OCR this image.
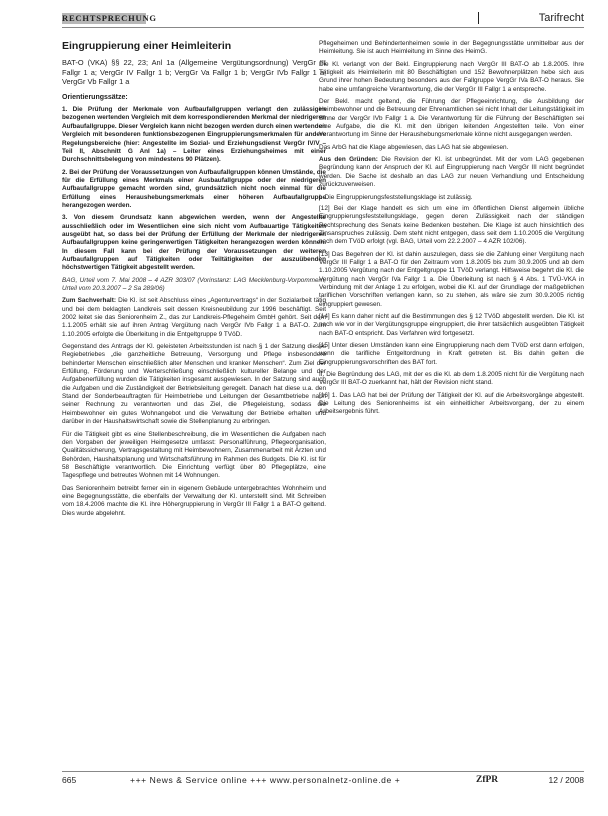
RECHTSPRECHUNG	Tarifrecht
Eingruppierung einer Heimleiterin

BAT-O (VKA) §§ 22, 23; Anl 1a (Allgemeine Vergütungsordnung) VergGr III Fallgr 1 a; VergGr IV Fallgr 1 b; VergGr Va Fallgr 1 b; VergGr IVb Fallgr 1 a; VergGr Vb Fallgr 1 a

Orientierungssätze:

1. Die Prüfung der Merkmale von Aufbaufallgruppen verlangt den zulässigen bezogenen wertenden Vergleich mit dem korrespondierenden Merkmal der niedrigeren Aufbaufallgruppe. Dieser Vergleich kann nicht bezogen werden durch einen wertenden Vergleich mit besonderen funktionsbezogenen Eingruppierungsmerkmalen für andere Regelungsbereiche (hier: Angestellte im Sozial- und Erziehungsdienst VergGr IV/V – Teil II, Abschnitt G Anl 1a) – Leiter eines Erziehungsheimes mit einer Durchschnittsbelegung von mindestens 90 Plätzen).

2. Bei der Prüfung der Voraussetzungen von Aufbaufallgruppen können Umstände, die für die Erfüllung eines Merkmals einer Ausbaufallgruppe oder der niedrigeren Aufbaufallgruppe gemacht worden sind, grundsätzlich nicht noch einmal für die Erfüllung eines Heraushebungsmerkmals einer höheren Aufbaufallgruppe herangezogen werden.

3. Von diesem Grundsatz kann abgewichen werden, wenn der Angestellte ausschließlich oder im Wesentlichen eine sich nicht vom Aufbauartige Tätigkeiten ausgeübt hat, so dass bei der Prüfung der Erfüllung der Merkmale der niedrigeren Aufbaufallgruppen keine geringerwertigen Tätigkeiten herangezogen werden können. In diesem Fall kann bei der Prüfung der Voraussetzungen der weiteren Aufbaufallgruppen auf Tätigkeiten oder Teiltätigkeiten der auszuübenden höchstwertigen Tätigkeit abgestellt werden.

BAG, Urteil vom 7. Mai 2008 – 4 AZR 303/07 (Vorinstanz: LAG Mecklenburg-Vorpommern, Urteil vom 20.3.2007 – 2 Sa 289/06)

Zum Sachverhalt: Die Kl. ist seit Abschluss eines „Agenturvertrags“ in der Sozialarbeit tätig und bei dem beklagten Landkreis seit dessen Kreisneubildung zur 1996 beschäftigt. Seit 2002 leitet sie das Seniorenheim Z., das zur Landkreis-Pflegeheim GmbH gehört. Seit dem 1.1.2005 erhält sie auf ihren Antrag Vergütung nach VergGr IVb Fallgr 1 a BAT-O. Zum 1.10.2005 erfolgte die Überleitung in die Entgeltgruppe 9 TVöD.

Gegenstand des Antrags der Kl. geleisteten Arbeitsstunden ist nach § 1 der Satzung dieses Regiebetriebes „die ganzheitliche Betreuung, Versorgung und Pflege insbesondere behinderter Menschen einschließlich alter Menschen und kranker Menschen“. Zum Ziel der Erfüllung, Förderung und Werterschließung einschließlich kultureller Belange und der Aufgabenerfüllung wurden die Tätigkeiten insgesamt ausgewiesen. In der Satzung sind auch die Aufgaben und die Zuständigkeit der Betriebsleitung geregelt. Danach hat diese u.a. den Stand der Sonderbeauftragten für Heimbetriebe und Leitungen der Gesamtbetriebe nach seiner Rechnung zu verantworten und das Ziel, die Pflegeleistung, sodass die Heimbewohner ein gutes Wohnangebot und die Verwaltung der Betriebe erhalten und darüber in der Haushaltswirtschaft sowie die Stellenplanung zu erbringen.

Für die Tätigkeit gibt es eine Stellenbeschreibung, die im Wesentlichen die Aufgaben nach den Vorgaben der jeweiligen Heimgesetze umfasst: Personalführung, Pflegeorganisation, Qualitätssicherung, Vertragsgestaltung mit Heimbewohnern, Zusammenarbeit mit Ärzten und Behörden, Haushaltsplanung und Wirtschaftsführung im Rahmen des Budgets. Die Kl. ist für 58 Beschäftigte verantwortlich. Die Einrichtung verfügt über 80 Pflegeplätze, eine Tagespflege und betreutes Wohnen mit 14 Wohnungen.

Das Seniorenheim betreibt ferner ein in eigenem Gebäude untergebrachtes Wohnheim und eine Begegnungsstätte, die ebenfalls der Verwaltung der Kl. unterstellt sind. Mit Schreiben vom 18.4.2006 machte die Kl. ihre Höhergruppierung in VergGr III Fallgr 1 a BAT-O geltend. Dies wurde abgelehnt.

Pflegeheimen und Behindertenheimen sowie in der Begegnungsstätte unmittelbar aus der Heimleitung. Sie ist auch Heimleitung im Sinne des HeimG.

Die Kl. verlangt von der Bekl. Eingruppierung nach VergGr III BAT-O ab 1.8.2005. Ihre Tätigkeit als Heimleiterin mit 80 Beschäftigten und 152 Bewohnerplätzen hebe sich aus Grund ihrer hohen Bedeutung besonders aus der Fallgruppe VergGr IVa BAT-O heraus. Sie habe eine umfangreiche Verantwortung, die der VergGr III Fallgr 1 a entspreche.

Der Bekl. macht geltend, die Führung der Pflegeeinrichtung, die Ausbildung der Heimbewohner und die Betreuung der Ehrenamtlichen sei nicht Inhalt der Leitungstätigkeit im Sinne der VergGr IVb Fallgr 1 a. Die Verantwortung für die Führung der Beschäftigten sei eine Aufgabe, die die Kl. mit den übrigen leitenden Angestellten teile. Von einer Verantwortung im Sinne der Heraushebungsmerkmale könne nicht ausgegangen werden.

Das ArbG hat die Klage abgewiesen, das LAG hat sie abgewiesen.

Aus den Gründen: Die Revision der Kl. ist unbegründet. Mit der vom LAG gegebenen Begründung kann der Anspruch der Kl. auf Eingruppierung nach VergGr III nicht begründet werden. Die Sache ist deshalb an das LAG zur neuen Verhandlung und Entscheidung zurückzuverweisen.

I. Die Eingruppierungsfeststellungsklage ist zulässig.

[12] Bei der Klage handelt es sich um eine im öffentlichen Dienst allgemein übliche Eingruppierungsfeststellungsklage, gegen deren Zulässigkeit nach der ständigen Rechtsprechung des Senats keine Bedenken bestehen. Die Klage ist auch hinsichtlich des Zinsanspruches zulässig. Dem steht nicht entgegen, dass seit dem 1.10.2005 die Vergütung nach dem TVöD erfolgt (vgl. BAG, Urteil vom 22.2.2007 – 4 AZR 102/06).

[13] Das Begehren der Kl. ist dahin auszulegen, dass sie die Zahlung einer Vergütung nach VergGr III Fallgr 1 a BAT-O für den Zeitraum vom 1.8.2005 bis zum 30.9.2005 und ab dem 1.10.2005 Vergütung nach der Entgeltgruppe 11 TVöD verlangt. Hilfsweise begehrt die Kl. die Vergütung nach VergGr IVa Fallgr 1 a. Die Überleitung ist nach § 4 Abs. 1 TVÜ-VKA in Verbindung mit der Anlage 1 zu erfolgen, wobei die Kl. auf der Grundlage der maßgeblichen tariflichen Vorschriften verlangen kann, so zu stehen, als wäre sie zum 30.9.2005 richtig eingruppiert gewesen.

[14] Es kann daher nicht auf die Bestimmungen des § 12 TVöD abgestellt werden. Die Kl. ist nach wie vor in der Vergütungsgruppe eingruppiert, die ihrer tatsächlich ausgeübten Tätigkeit nach BAT-O entspricht. Das Verfahren wird fortgesetzt.

[15] Unter diesen Umständen kann eine Eingruppierung nach dem TVöD erst dann erfolgen, wenn die tarifliche Entgeltordnung in Kraft getreten ist. Bis dahin gelten die Eingruppierungsvorschriften des BAT fort.

II. Die Begründung des LAG, mit der es die Kl. ab dem 1.8.2005 nicht für die Vergütung nach VergGr III BAT-O zuerkannt hat, hält der Revision nicht stand.

[16] 1. Das LAG hat bei der Prüfung der Tätigkeit der Kl. auf die Arbeitsvorgänge abgestellt. Die Leitung des Seniorenheims ist ein einheitlicher Arbeitsvorgang, der zu einem Arbeitsergebnis führt.

665	+++ News & Service online +++ www.personalnetz-online.de +	ZfPR	12 / 2008
